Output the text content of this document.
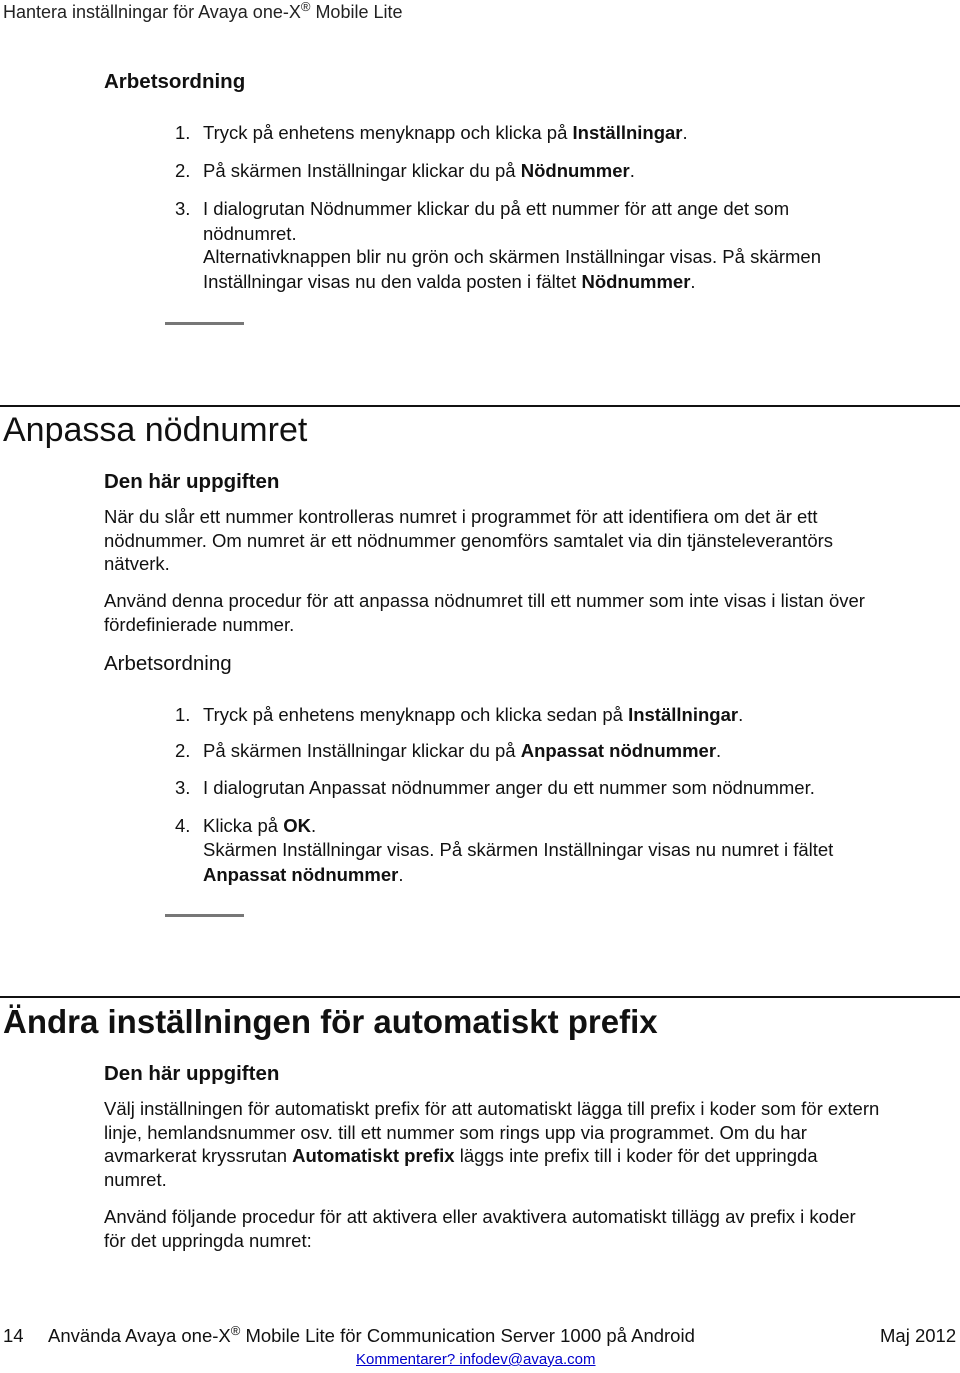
Hantera inställningar för Avaya one-X® Mobile Lite
Arbetsordning
1. Tryck på enhetens menyknapp och klicka på Inställningar.
2. På skärmen Inställningar klickar du på Nödnummer.
3. I dialogrutan Nödnummer klickar du på ett nummer för att ange det som
nödnumret.
Alternativknappen blir nu grön och skärmen Inställningar visas. På skärmen
Inställningar visas nu den valda posten i fältet Nödnummer.
Anpassa nödnumret
Den här uppgiften
När du slår ett nummer kontrolleras numret i programmet för att identifiera om det är ett
nödnummer. Om numret är ett nödnummer genomförs samtalet via din tjänsteleverantörs
nätverk.
Använd denna procedur för att anpassa nödnumret till ett nummer som inte visas i listan över
fördefinierade nummer.
Arbetsordning
1. Tryck på enhetens menyknapp och klicka sedan på Inställningar.
2. På skärmen Inställningar klickar du på Anpassat nödnummer.
3. I dialogrutan Anpassat nödnummer anger du ett nummer som nödnummer.
4. Klicka på OK.
Skärmen Inställningar visas. På skärmen Inställningar visas nu numret i fältet
Anpassat nödnummer.
Ändra inställningen för automatiskt prefix
Den här uppgiften
Välj inställningen för automatiskt prefix för att automatiskt lägga till prefix i koder som för extern
linje, hemlandsnummer osv. till ett nummer som rings upp via programmet. Om du har
avmarkerat kryssrutan Automatiskt prefix läggs inte prefix till i koder för det uppringda
numret.
Använd följande procedur för att aktivera eller avaktivera automatiskt tillägg av prefix i koder
för det uppringda numret:
14 Använda Avaya one-X® Mobile Lite för Communication Server 1000 på Android	Maj 2012
Kommentarer? infodev@avaya.com
